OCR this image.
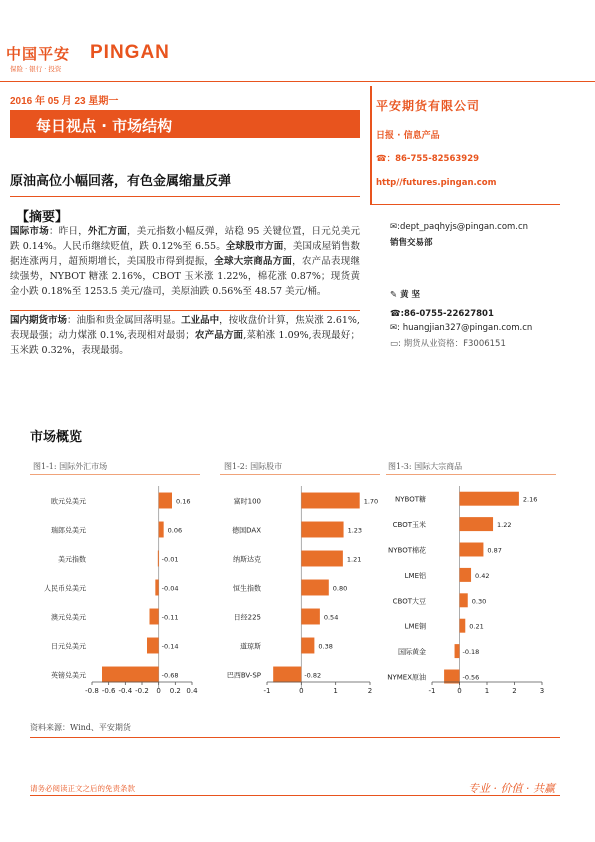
中国平安 PINGAN
保险 · 银行 · 投资
2016 年 05 月 23 星期一
每日视点 · 市场结构
平安期货有限公司
日报 · 信息产品
☎：86-755-82563929
http//futures.pingan.com
原油高位小幅回落，有色金属缩量反弹
【摘要】
国际市场：昨日，外汇方面，美元指数小幅反弹，站稳 95 关键位置，日元兑美元跌 0.14%。人民币继续贬值，跌 0.12%至 6.55。全球股市方面，美国成屋销售数据连涨两月，超预期增长，美国股市得到提振，全球大宗商品方面，农产品表现继续强势，NYBOT 糖涨 2.16%，CBOT 玉米涨 1.22%，棉花涨 0.87%；现货黄金小跌 0.18%至 1253.5 美元/盎司，美原油跌 0.56%至 48.57 美元/桶。
国内期货市场：油脂和贵金属回落明显。工业品中，按收盘价计算，焦炭涨 2.61%,表现最强；动力煤涨 0.1%,表现相对最弱；农产品方面,菜粕涨 1.09%,表现最好；玉米跌 0.32%，表现最弱。
✉:dept_paqhyjs@pingan.com.cn
销售交易部
✎ 黄 坚
☎:86-0755-22627801
✉: huangjian327@pingan.com.cn
▭: 期货从业资格：F3006151
市场概览
图1-1: 国际外汇市场	图1-2: 国际股市	图1-3: 国际大宗商品
欧元兑美元	0.16
瑞郎兑美元	0.06
美元指数	-0.01
人民币兑美元	-0.04
澳元兑美元	-0.11
日元兑美元	-0.14
英镑兑美元	-0.68
-0.8 -0.6 -0.4 -0.2 0 0.2 0.4
富时100	1.70
德国DAX	1.23
纳斯达克	1.21
恒生指数	0.80
日经225	0.54
道琼斯	0.38
巴西BV-SP	-0.82
-1	0	1	2
NYBOT糖	2.16
CBOT玉米	1.22
NYBOT棉花	0.87
LME铝	0.42
CBOT大豆	0.30
LME铜	0.21
国际黄金	-0.18
NYMEX原油	-0.56
-1	0	1	2	3
资料来源：Wind、平安期货
请务必阅读正文之后的免责条款	专业 · 价值 · 共赢
